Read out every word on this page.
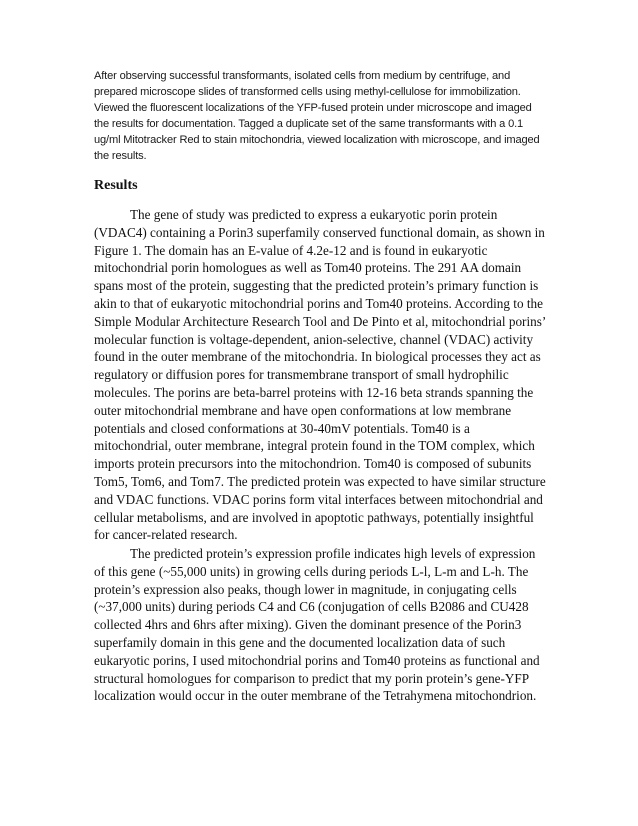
After observing successful transformants, isolated cells from medium by centrifuge, and prepared microscope slides of transformed cells using methyl-cellulose for immobilization. Viewed the fluorescent localizations of the YFP-fused protein under microscope and imaged the results for documentation. Tagged a duplicate set of the same transformants with a 0.1 ug/ml Mitotracker Red to stain mitochondria, viewed localization with microscope, and imaged the results.

Results

The gene of study was predicted to express a eukaryotic porin protein (VDAC4) containing a Porin3 superfamily conserved functional domain, as shown in Figure 1. The domain has an E-value of 4.2e-12 and is found in eukaryotic mitochondrial porin homologues as well as Tom40 proteins. The 291 AA domain spans most of the protein, suggesting that the predicted protein’s primary function is akin to that of eukaryotic mitochondrial porins and Tom40 proteins. According to the Simple Modular Architecture Research Tool and De Pinto et al, mitochondrial porins’ molecular function is voltage-dependent, anion-selective, channel (VDAC) activity found in the outer membrane of the mitochondria. In biological processes they act as regulatory or diffusion pores for transmembrane transport of small hydrophilic molecules. The porins are beta-barrel proteins with 12-16 beta strands spanning the outer mitochondrial membrane and have open conformations at low membrane potentials and closed conformations at 30-40mV potentials. Tom40 is a mitochondrial, outer membrane, integral protein found in the TOM complex, which imports protein precursors into the mitochondrion. Tom40 is composed of subunits Tom5, Tom6, and Tom7. The predicted protein was expected to have similar structure and VDAC functions. VDAC porins form vital interfaces between mitochondrial and cellular metabolisms, and are involved in apoptotic pathways, potentially insightful for cancer-related research.

The predicted protein’s expression profile indicates high levels of expression of this gene (~55,000 units) in growing cells during periods L-l, L-m and L-h. The protein’s expression also peaks, though lower in magnitude, in conjugating cells (~37,000 units) during periods C4 and C6 (conjugation of cells B2086 and CU428 collected 4hrs and 6hrs after mixing). Given the dominant presence of the Porin3 superfamily domain in this gene and the documented localization data of such eukaryotic porins, I used mitochondrial porins and Tom40 proteins as functional and structural homologues for comparison to predict that my porin protein’s gene-YFP localization would occur in the outer membrane of the Tetrahymena mitochondrion.
